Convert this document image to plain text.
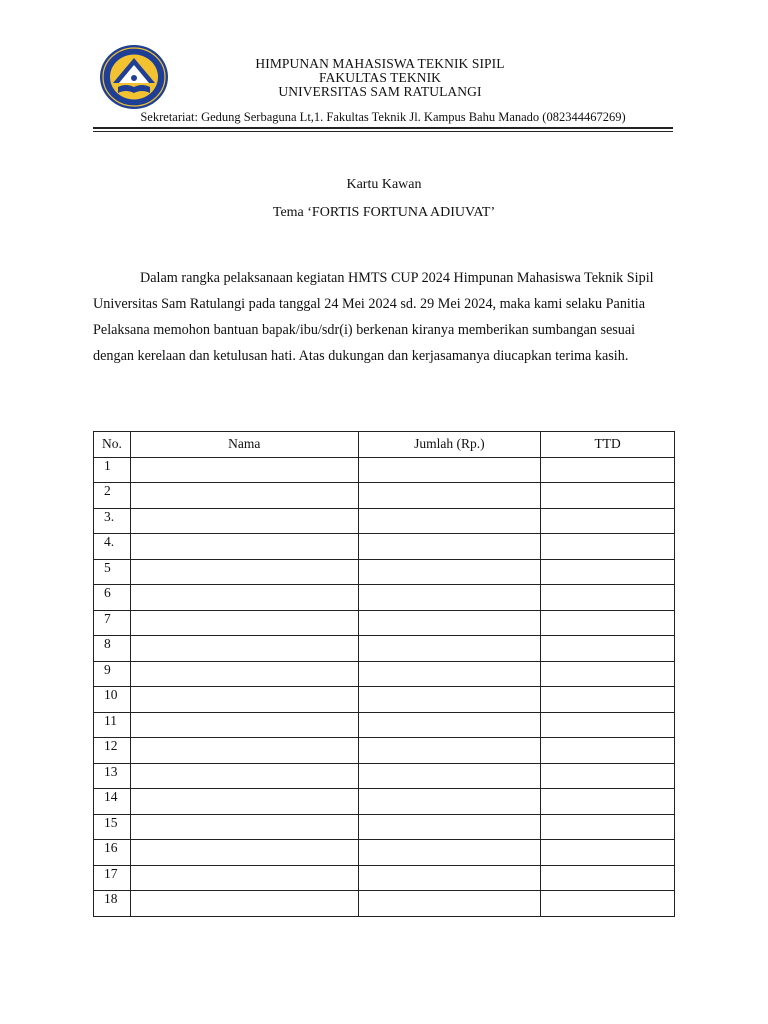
HIMPUNAN MAHASISWA TEKNIK SIPIL
FAKULTAS TEKNIK
UNIVERSITAS SAM RATULANGI
Sekretariat: Gedung Serbaguna Lt,1. Fakultas Teknik Jl. Kampus Bahu Manado (082344467269)
Kartu Kawan
Tema ‘FORTIS FORTUNA ADIUVAT’

Dalam rangka pelaksanaan kegiatan HMTS CUP 2024 Himpunan Mahasiswa Teknik Sipil Universitas Sam Ratulangi pada tanggal 24 Mei 2024 sd. 29 Mei 2024, maka kami selaku Panitia Pelaksana memohon bantuan bapak/ibu/sdr(i) berkenan kiranya memberikan sumbangan sesuai dengan kerelaan dan ketulusan hati. Atas dukungan dan kerjasamanya diucapkan terima kasih.

No.	Nama	Jumlah (Rp.)	TTD
1			
2			
3.			
4.			
5			
6			
7			
8			
9			
10			
11			
12			
13			
14			
15			
16			
17			
18			
